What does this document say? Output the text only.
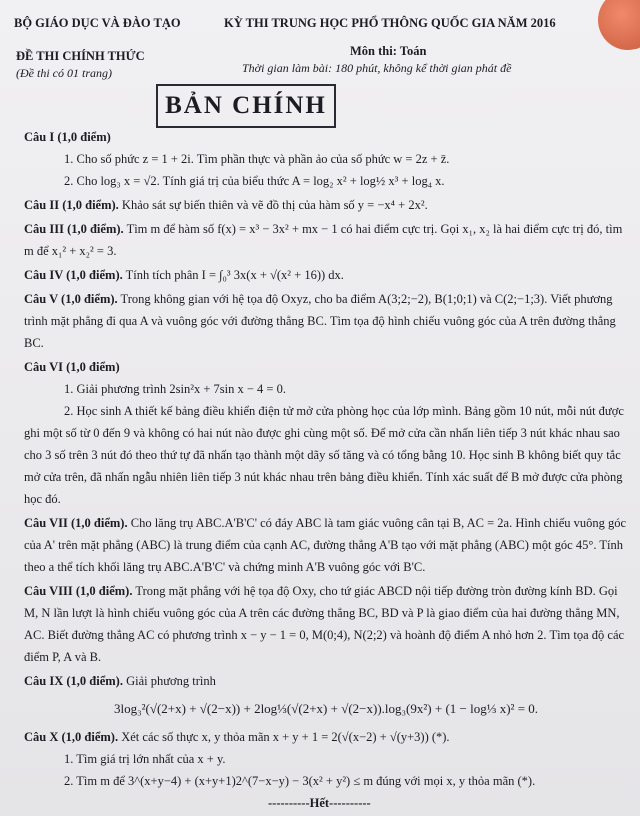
BỘ GIÁO DỤC VÀ ĐÀO TẠO	KỲ THI TRUNG HỌC PHỔ THÔNG QUỐC GIA NĂM 2016
ĐỀ THI CHÍNH THỨC
(Đề thi có 01 trang)
Môn thi: Toán
Thời gian làm bài: 180 phút, không kể thời gian phát đề
BẢN CHÍNH
Câu I (1,0 điểm)
1. Cho số phức z = 1 + 2i. Tìm phần thực và phần ảo của số phức w = 2z + z̄.
2. Cho log₃ x = √2. Tính giá trị của biểu thức A = log₂ x² + log½ x³ + log₄ x.
Câu II (1,0 điểm). Khảo sát sự biến thiên và vẽ đồ thị của hàm số y = −x⁴ + 2x².
Câu III (1,0 điểm). Tìm m để hàm số f(x) = x³ − 3x² + mx − 1 có hai điểm cực trị. Gọi x₁, x₂ là hai điểm cực trị đó, tìm m để x₁² + x₂² = 3.
Câu IV (1,0 điểm). Tính tích phân I = ∫₀³ 3x(x + √(x² + 16)) dx.
Câu V (1,0 điểm). Trong không gian với hệ tọa độ Oxyz, cho ba điểm A(3;2;−2), B(1;0;1) và C(2;−1;3). Viết phương trình mặt phẳng đi qua A và vuông góc với đường thẳng BC. Tìm tọa độ hình chiếu vuông góc của A trên đường thẳng BC.
Câu VI (1,0 điểm)
1. Giải phương trình 2sin²x + 7sin x − 4 = 0.
2. Học sinh A thiết kế bảng điều khiển điện tử mở cửa phòng học của lớp mình. Bảng gồm 10 nút, mỗi nút được ghi một số từ 0 đến 9 và không có hai nút nào được ghi cùng một số. Để mở cửa cần nhấn liên tiếp 3 nút khác nhau sao cho 3 số trên 3 nút đó theo thứ tự đã nhấn tạo thành một dãy số tăng và có tổng bằng 10. Học sinh B không biết quy tắc mở cửa trên, đã nhấn ngẫu nhiên liên tiếp 3 nút khác nhau trên bảng điều khiển. Tính xác suất để B mở được cửa phòng học đó.
Câu VII (1,0 điểm). Cho lăng trụ ABC.A'B'C' có đáy ABC là tam giác vuông cân tại B, AC = 2a. Hình chiếu vuông góc của A' trên mặt phẳng (ABC) là trung điểm của cạnh AC, đường thẳng A'B tạo với mặt phẳng (ABC) một góc 45°. Tính theo a thể tích khối lăng trụ ABC.A'B'C' và chứng minh A'B vuông góc với B'C.
Câu VIII (1,0 điểm). Trong mặt phẳng với hệ tọa độ Oxy, cho tứ giác ABCD nội tiếp đường tròn đường kính BD. Gọi M, N lần lượt là hình chiếu vuông góc của A trên các đường thẳng BC, BD và P là giao điểm của hai đường thẳng MN, AC. Biết đường thẳng AC có phương trình x − y − 1 = 0, M(0;4), N(2;2) và hoành độ điểm A nhỏ hơn 2. Tìm tọa độ các điểm P, A và B.
Câu IX (1,0 điểm). Giải phương trình
3log₃²(√(2+x) + √(2−x)) + 2log⅓(√(2+x) + √(2−x)).log₃(9x²) + (1 − log⅓ x)² = 0.
Câu X (1,0 điểm). Xét các số thực x, y thỏa mãn x + y + 1 = 2(√(x−2) + √(y+3)) (*).
1. Tìm giá trị lớn nhất của x + y.
2. Tìm m để 3^(x+y−4) + (x+y+1)2^(7−x−y) − 3(x² + y²) ≤ m đúng với mọi x, y thỏa mãn (*).
----------Hết----------
